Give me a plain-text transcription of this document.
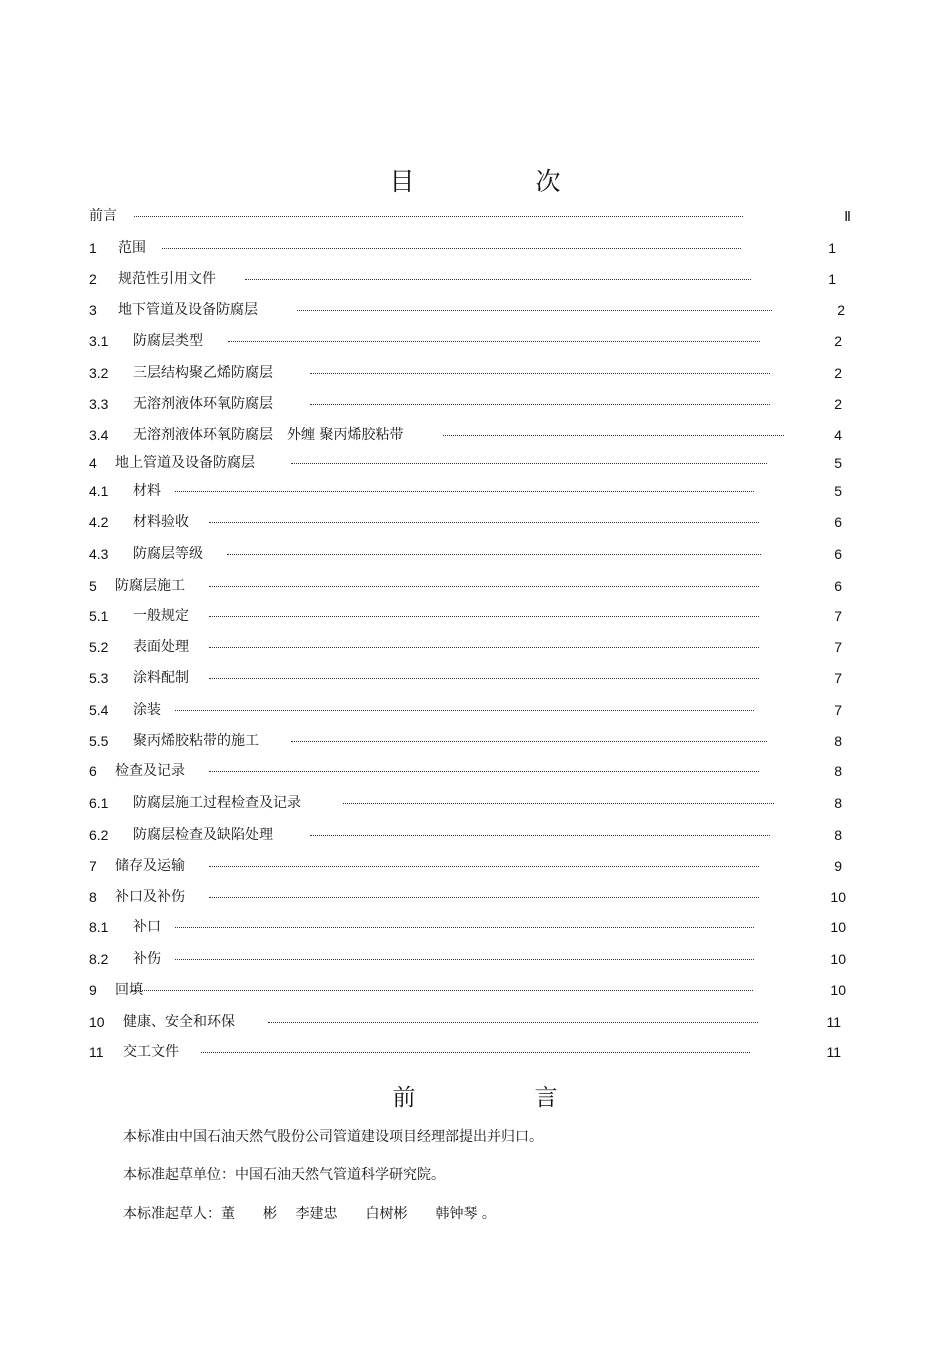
目　次
前言	Ⅱ
1 范围	1
2 规范性引用文件	1
3 地下管道及设备防腐层	2
3.1 防腐层类型	2
3.2 三层结构聚乙烯防腐层	2
3.3 无溶剂液体环氧防腐层	2
3.4 无溶剂液体环氧防腐层　外缠 聚丙烯胶粘带	4
4 地上管道及设备防腐层	5
4.1 材料	5
4.2 材料验收	6
4.3 防腐层等级	6
5 防腐层施工	6
5.1 一般规定	7
5.2 表面处理	7
5.3 涂料配制	7
5.4 涂装	7
5.5 聚丙烯胶粘带的施工	8
6 检查及记录	8
6.1 防腐层施工过程检查及记录	8
6.2 防腐层检查及缺陷处理	8
7 储存及运输	9
8 补口及补伤	10
8.1 补口	10
8.2 补伤	10
9 回填	10
10 健康、安全和环保	11
11 交工文件	11
前　言
本标准由中国石油天然气股份公司管道建设项目经理部提出并归口。
本标准起草单位：中国石油天然气管道科学研究院。
本标准起草人：董　　彬　 李建忠　　白树彬　　韩钟琴 。
